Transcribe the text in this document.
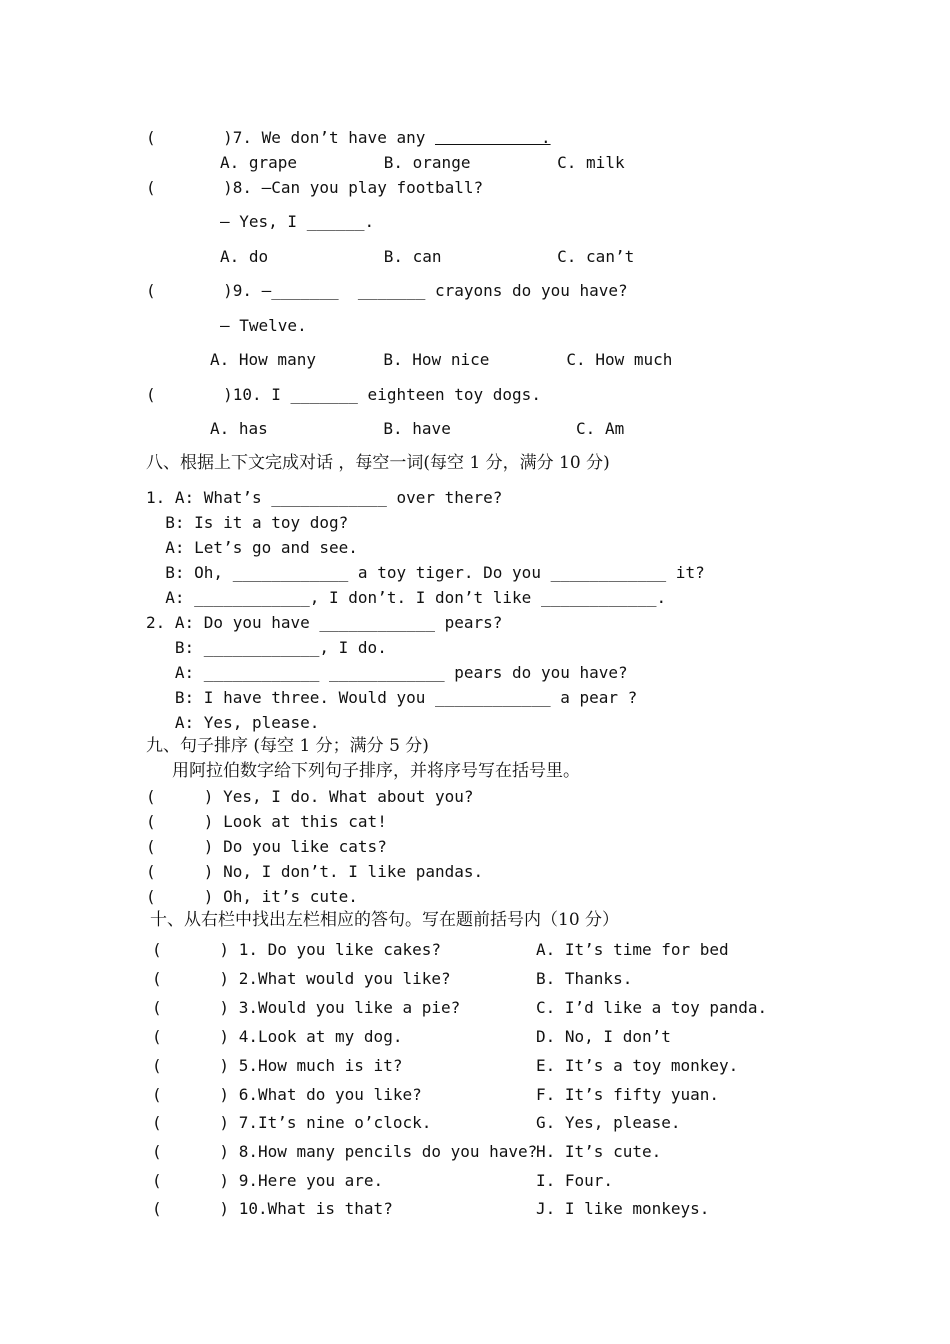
(       )7. We don’t have any            .
A. grape         B. orange         C. milk
(       )8. —Can you play football?
— Yes, I ______.
A. do            B. can            C. can’t
(       )9. —_______  _______ crayons do you have?
— Twelve.
A. How many       B. How nice        C. How much
(       )10. I _______ eighteen toy dogs.
A. has            B. have             C. Am
八、根据上下文完成对话 ，每空一词(每空 1 分，满分 10 分)
1. A: What’s ____________ over there?
B: Is it a toy dog?
A: Let’s go and see.
B: Oh, ____________ a toy tiger. Do you ____________ it?
A: ____________, I don’t. I don’t like ____________.
2. A: Do you have ____________ pears?
B: ____________, I do.
A: ____________ ____________ pears do you have?
B: I have three. Would you ____________ a pear ?
A: Yes, please.
九、句子排序 (每空 1 分；满分 5 分)
用阿拉伯数字给下列句子排序，并将序号写在括号里。
(     ) Yes, I do. What about you?
(     ) Look at this cat!
(     ) Do you like cats?
(     ) No, I don’t. I like pandas.
(     ) Oh, it’s cute.
十、从右栏中找出左栏相应的答句。写在题前括号内（10 分）
(      ) 1. Do you like cakes?
(      ) 2.What would you like?
(      ) 3.Would you like a pie?
(      ) 4.Look at my dog.
(      ) 5.How much is it?
(      ) 6.What do you like?
(      ) 7.It’s nine o’clock.
(      ) 8.How many pencils do you have?
(      ) 9.Here you are.
(      ) 10.What is that?
A. It’s time for bed
B. Thanks.
C. I’d like a toy panda.
D. No, I don’t
E. It’s a toy monkey.
F. It’s fifty yuan.
G. Yes, please.
H. It’s cute.
I. Four.
J. I like monkeys.
